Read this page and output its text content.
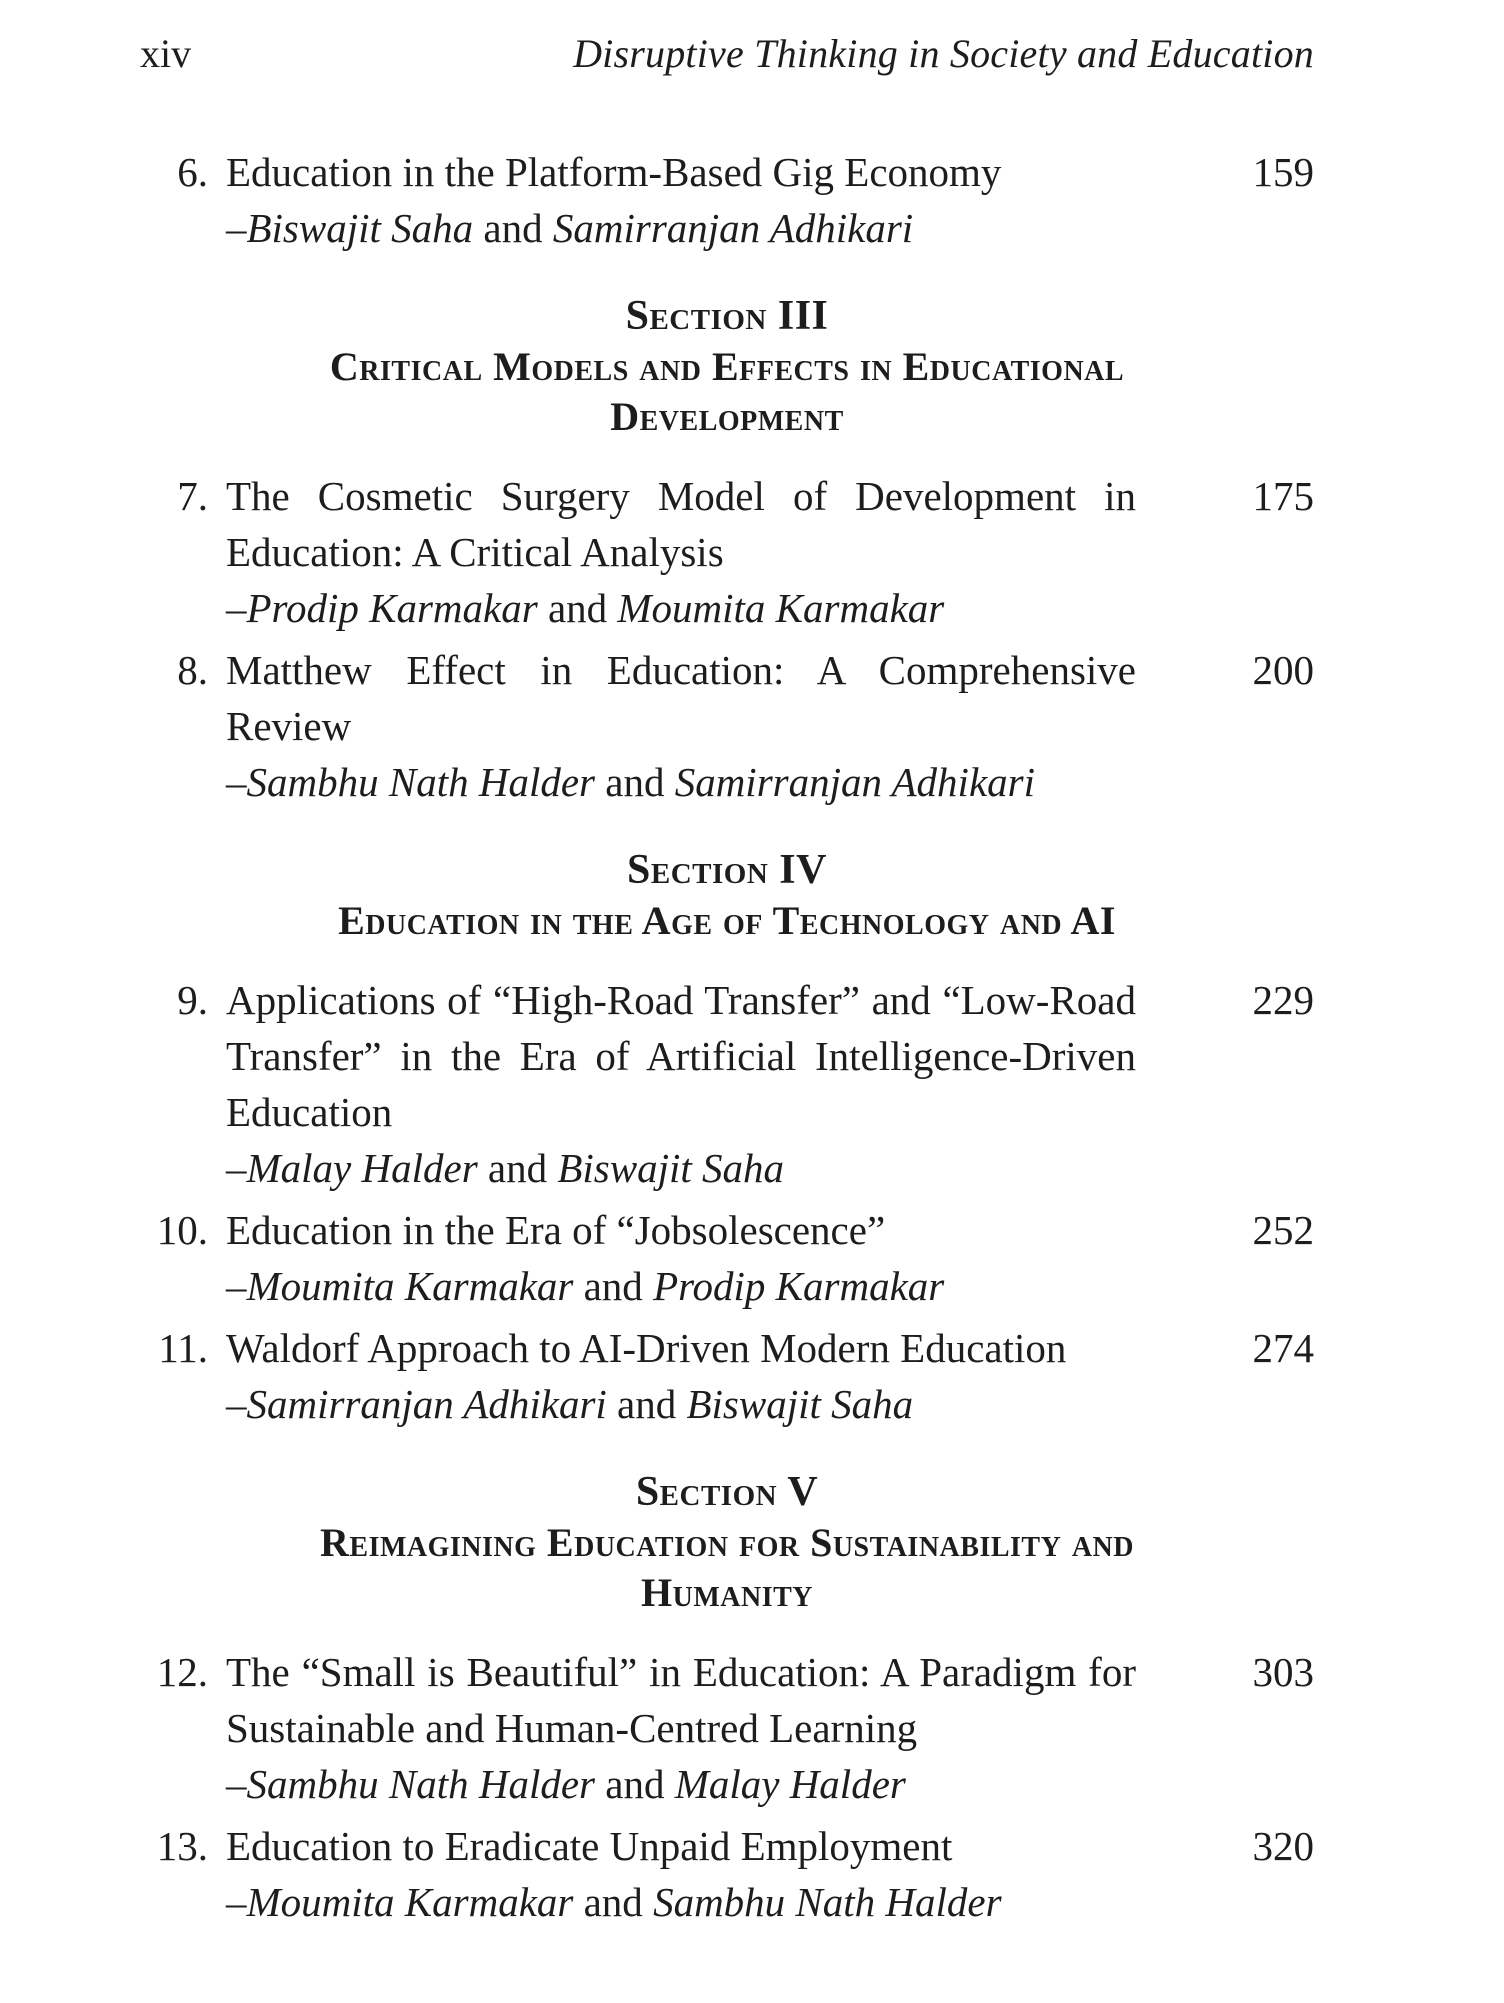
xiv	Disruptive Thinking in Society and Education
6. Education in the Platform-Based Gig Economy
–Biswajit Saha and Samirranjan Adhikari
159
Section III
Critical Models and Effects in Educational Development
7. The Cosmetic Surgery Model of Development in Education: A Critical Analysis
–Prodip Karmakar and Moumita Karmakar
175
8. Matthew Effect in Education: A Comprehensive Review
–Sambhu Nath Halder and Samirranjan Adhikari
200
Section IV
Education in the Age of Technology and AI
9. Applications of “High-Road Transfer” and “Low-Road Transfer” in the Era of Artificial Intelligence-Driven Education
–Malay Halder and Biswajit Saha
229
10. Education in the Era of “Jobsolescence”
–Moumita Karmakar and Prodip Karmakar
252
11. Waldorf Approach to AI-Driven Modern Education
–Samirranjan Adhikari and Biswajit Saha
274
Section V
Reimagining Education for Sustainability and Humanity
12. The “Small is Beautiful” in Education: A Paradigm for Sustainable and Human-Centred Learning
–Sambhu Nath Halder and Malay Halder
303
13. Education to Eradicate Unpaid Employment
–Moumita Karmakar and Sambhu Nath Halder
320
